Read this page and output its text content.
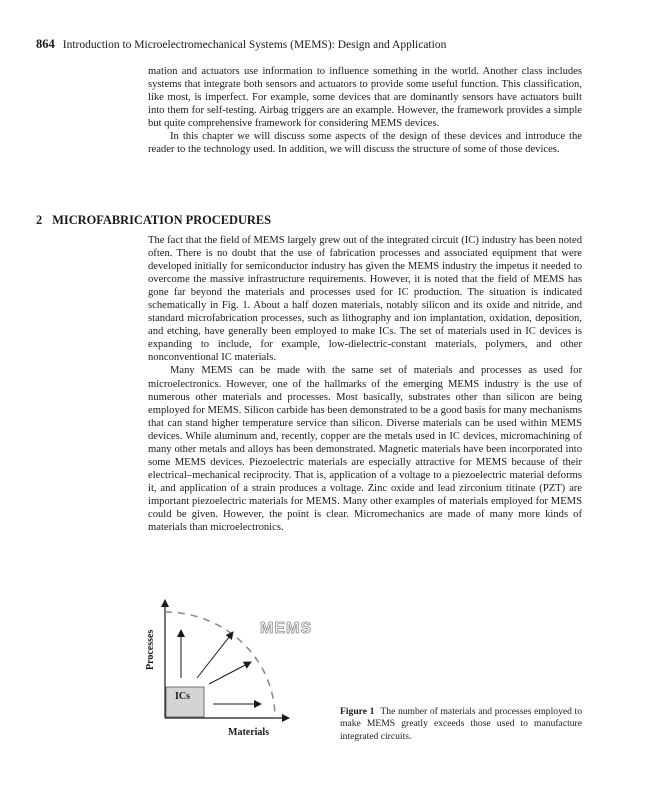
864 Introduction to Microelectromechanical Systems (MEMS): Design and Application

mation and actuators use information to influence something in the world. Another class includes systems that integrate both sensors and actuators to provide some useful function. This classification, like most, is imperfect. For example, some devices that are dominantly sensors have actuators built into them for self-testing. Airbag triggers are an example. However, the framework provides a simple but quite comprehensive framework for considering MEMS devices.

In this chapter we will discuss some aspects of the design of these devices and introduce the reader to the technology used. In addition, we will discuss the structure of some of those devices.

2 MICROFABRICATION PROCEDURES

The fact that the field of MEMS largely grew out of the integrated circuit (IC) industry has been noted often. There is no doubt that the use of fabrication processes and associated equipment that were developed initially for semiconductor industry has given the MEMS industry the impetus it needed to overcome the massive infrastructure requirements. However, it is noted that the field of MEMS has gone far beyond the materials and processes used for IC production. The situation is indicated schematically in Fig. 1. About a half dozen materials, notably silicon and its oxide and nitride, and standard microfabrication processes, such as lithography and ion implantation, oxidation, deposition, and etching, have generally been employed to make ICs. The set of materials used in IC devices is expanding to include, for example, low-dielectric-constant materials, polymers, and other nonconventional IC materials.

Many MEMS can be made with the same set of materials and processes as used for microelectronics. However, one of the hallmarks of the emerging MEMS industry is the use of numerous other materials and processes. Most basically, substrates other than silicon are being employed for MEMS. Silicon carbide has been demonstrated to be a good basis for many mechanisms that can stand higher temperature service than silicon. Diverse materials can be used within MEMS devices. While aluminum and, recently, copper are the metals used in IC devices, micromachining of many other metals and alloys has been demonstrated. Magnetic materials have been incorporated into some MEMS devices. Piezoelectric materials are especially attractive for MEMS because of their electrical–mechanical reciprocity. That is, application of a voltage to a piezoelectric material deforms it, and application of a strain produces a voltage. Zinc oxide and lead zirconium titinate (PZT) are important piezoelectric materials for MEMS. Many other examples of materials employed for MEMS could be given. However, the point is clear. Micromechanics are made of many more kinds of materials than microelectronics.

Processes
Materials
ICs
MEMS
Figure 1 The number of materials and processes employed to make MEMS greatly exceeds those used to manufacture integrated circuits.
